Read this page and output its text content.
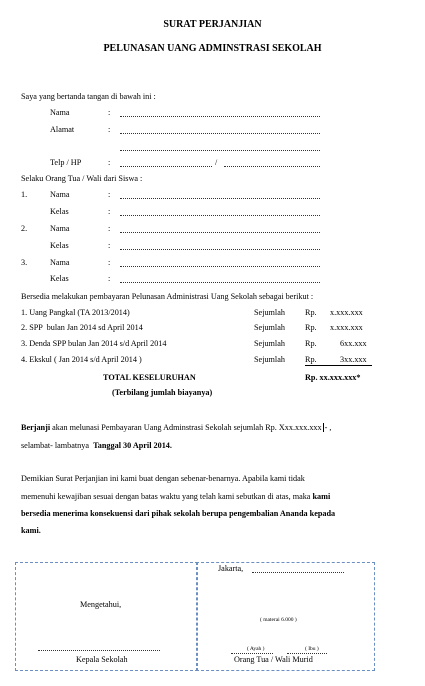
SURAT PERJANJIAN
PELUNASAN UANG ADMINSTRASI SEKOLAH
Saya yang bertanda tangan di bawah ini :
Nama	:
Alamat	:
Telp / HP	:	/
Selaku Orang Tua / Wali dari Siswa :
1.	Nama	:
Kelas	:
2.	Nama	:
Kelas	:
3.	Nama	:
Kelas	:
Bersedia melakukan pembayaran Pelunasan Administrasi Uang Sekolah sebagai berikut :
1. Uang Pangkal (TA 2013/2014)	Sejumlah Rp. x.xxx.xxx
2. SPP  bulan Jan 2014 sd April 2014	Sejumlah Rp. x.xxx.xxx
3. Denda SPP bulan Jan 2014 s/d April 2014	Sejumlah Rp.	6xx.xxx
4. Ekskul ( Jan 2014 s/d April 2014 )	Sejumlah Rp.	3xx.xxx
TOTAL KESELURUHAN	Rp. xx.xxx.xxx*
(Terbilang jumlah biayanya)
Berjanji akan melunasi Pembayaran Uang Adminstrasi Sekolah sejumlah Rp. Xxx.xxx.xxx - ,
selambat- lambatnya  Tanggal 30 April 2014.
Demikian Surat Perjanjian ini kami buat dengan sebenar-benarnya. Apabila kami tidak
memenuhi kewajiban sesuai dengan batas waktu yang telah kami sebutkan di atas, maka kami
bersedia menerima konsekuensi dari pihak sekolah berupa pengembalian Ananda kepada
kami.
Mengetahui,
Kepala Sekolah
Jakarta,
( materai 6.000 )
( Ayah )	( Ibu )
Orang Tua / Wali Murid
